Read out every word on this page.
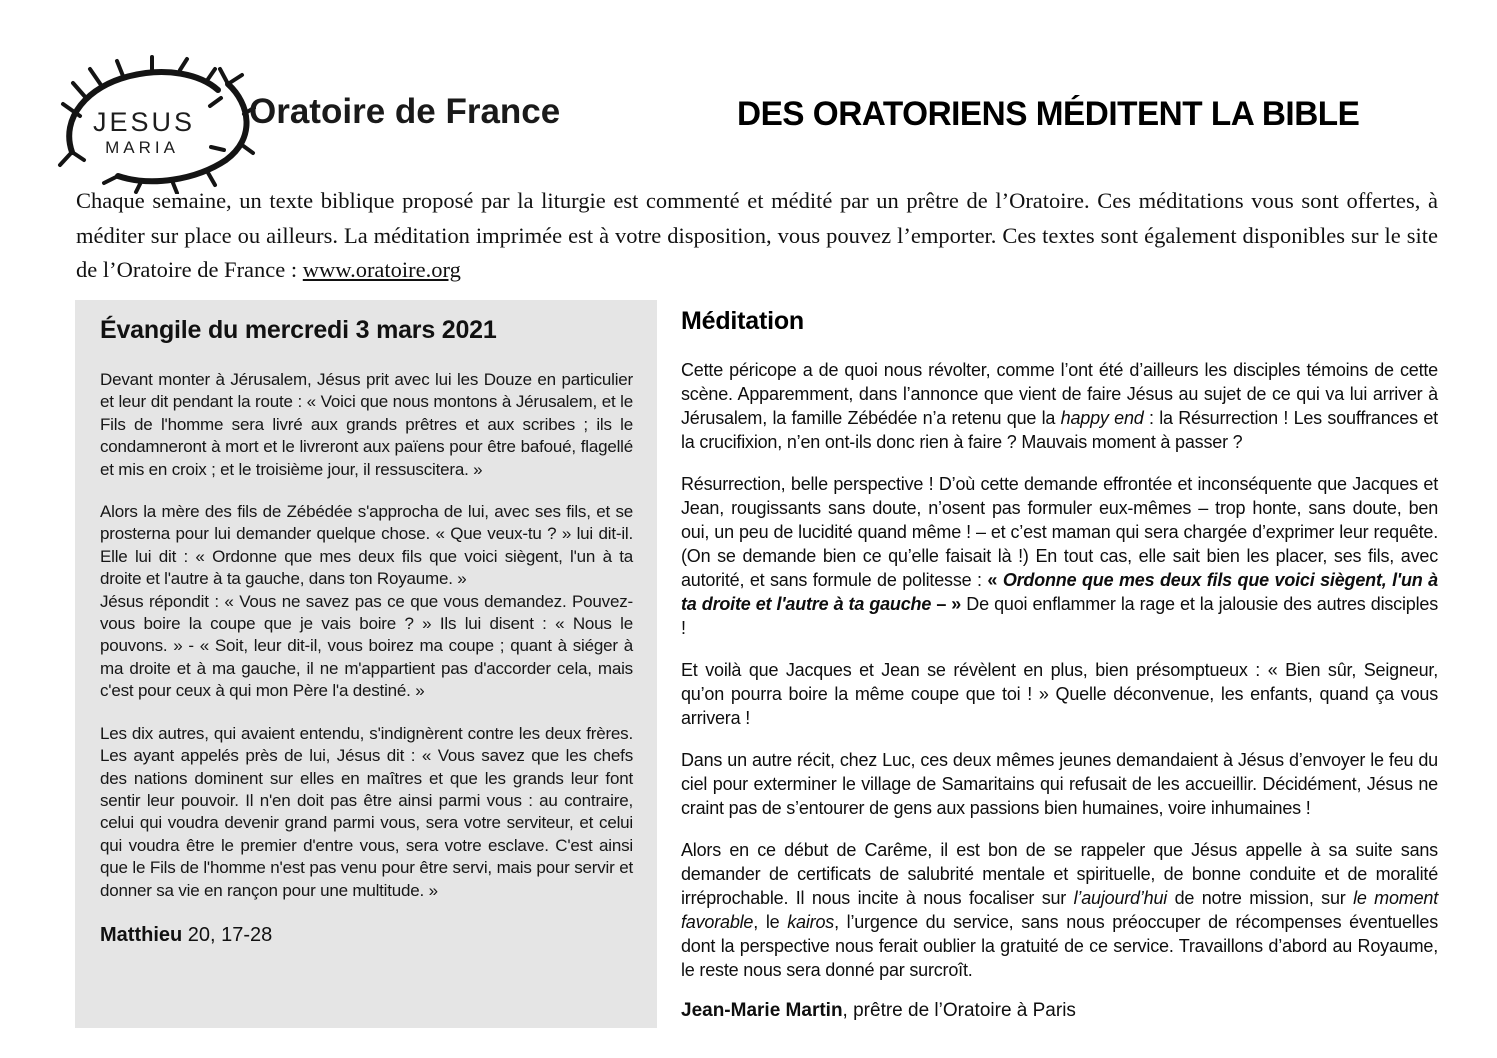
JESUS
MARIA
Oratoire de France	DES ORATORIENS MÉDITENT LA BIBLE

Chaque semaine, un texte biblique proposé par la liturgie est commenté et médité par un prêtre de l’Oratoire. Ces méditations vous sont offertes, à méditer sur place ou ailleurs. La méditation imprimée est à votre disposition, vous pouvez l’emporter. Ces textes sont également disponibles sur le site de l’Oratoire de France : www.oratoire.org

Évangile du mercredi 3 mars 2021

Devant monter à Jérusalem, Jésus prit avec lui les Douze en particulier et leur dit pendant la route : « Voici que nous montons à Jérusalem, et le Fils de l'homme sera livré aux grands prêtres et aux scribes ; ils le condamneront à mort et le livreront aux païens pour être bafoué, flagellé et mis en croix ; et le troisième jour, il ressuscitera. »

Alors la mère des fils de Zébédée s'approcha de lui, avec ses fils, et se prosterna pour lui demander quelque chose. « Que veux-tu ? » lui dit-il. Elle lui dit : « Ordonne que mes deux fils que voici siègent, l'un à ta droite et l'autre à ta gauche, dans ton Royaume. »

Jésus répondit : « Vous ne savez pas ce que vous demandez. Pouvez-vous boire la coupe que je vais boire ? » Ils lui disent : « Nous le pouvons. » - « Soit, leur dit-il, vous boirez ma coupe ; quant à siéger à ma droite et à ma gauche, il ne m'appartient pas d'accorder cela, mais c'est pour ceux à qui mon Père l'a destiné. »

Les dix autres, qui avaient entendu, s'indignèrent contre les deux frères. Les ayant appelés près de lui, Jésus dit : « Vous savez que les chefs des nations dominent sur elles en maîtres et que les grands leur font sentir leur pouvoir. Il n'en doit pas être ainsi parmi vous : au contraire, celui qui voudra devenir grand parmi vous, sera votre serviteur, et celui qui voudra être le premier d'entre vous, sera votre esclave. C'est ainsi que le Fils de l'homme n'est pas venu pour être servi, mais pour servir et donner sa vie en rançon pour une multitude. »

Matthieu 20, 17-28

Méditation

Cette péricope a de quoi nous révolter, comme l’ont été d’ailleurs les disciples témoins de cette scène. Apparemment, dans l’annonce que vient de faire Jésus au sujet de ce qui va lui arriver à Jérusalem, la famille Zébédée n’a retenu que la happy end : la Résurrection ! Les souffrances et la crucifixion, n’en ont-ils donc rien à faire ? Mauvais moment à passer ?

Résurrection, belle perspective ! D’où cette demande effrontée et inconséquente que Jacques et Jean, rougissants sans doute, n’osent pas formuler eux-mêmes – trop honte, sans doute, ben oui, un peu de lucidité quand même ! – et c’est maman qui sera chargée d’exprimer leur requête. (On se demande bien ce qu’elle faisait là !) En tout cas, elle sait bien les placer, ses fils, avec autorité, et sans formule de politesse : « Ordonne que mes deux fils que voici siègent, l'un à ta droite et l'autre à ta gauche – » De quoi enflammer la rage et la jalousie des autres disciples !

Et voilà que Jacques et Jean se révèlent en plus, bien présomptueux : « Bien sûr, Seigneur, qu’on pourra boire la même coupe que toi ! » Quelle déconvenue, les enfants, quand ça vous arrivera !

Dans un autre récit, chez Luc, ces deux mêmes jeunes demandaient à Jésus d’envoyer le feu du ciel pour exterminer le village de Samaritains qui refusait de les accueillir. Décidément, Jésus ne craint pas de s’entourer de gens aux passions bien humaines, voire inhumaines !

Alors en ce début de Carême, il est bon de se rappeler que Jésus appelle à sa suite sans demander de certificats de salubrité mentale et spirituelle, de bonne conduite et de moralité irréprochable. Il nous incite à nous focaliser sur l’aujourd’hui de notre mission, sur le moment favorable, le kairos, l’urgence du service, sans nous préoccuper de récompenses éventuelles dont la perspective nous ferait oublier la gratuité de ce service. Travaillons d’abord au Royaume, le reste nous sera donné par surcroît.

Jean-Marie Martin, prêtre de l’Oratoire à Paris
